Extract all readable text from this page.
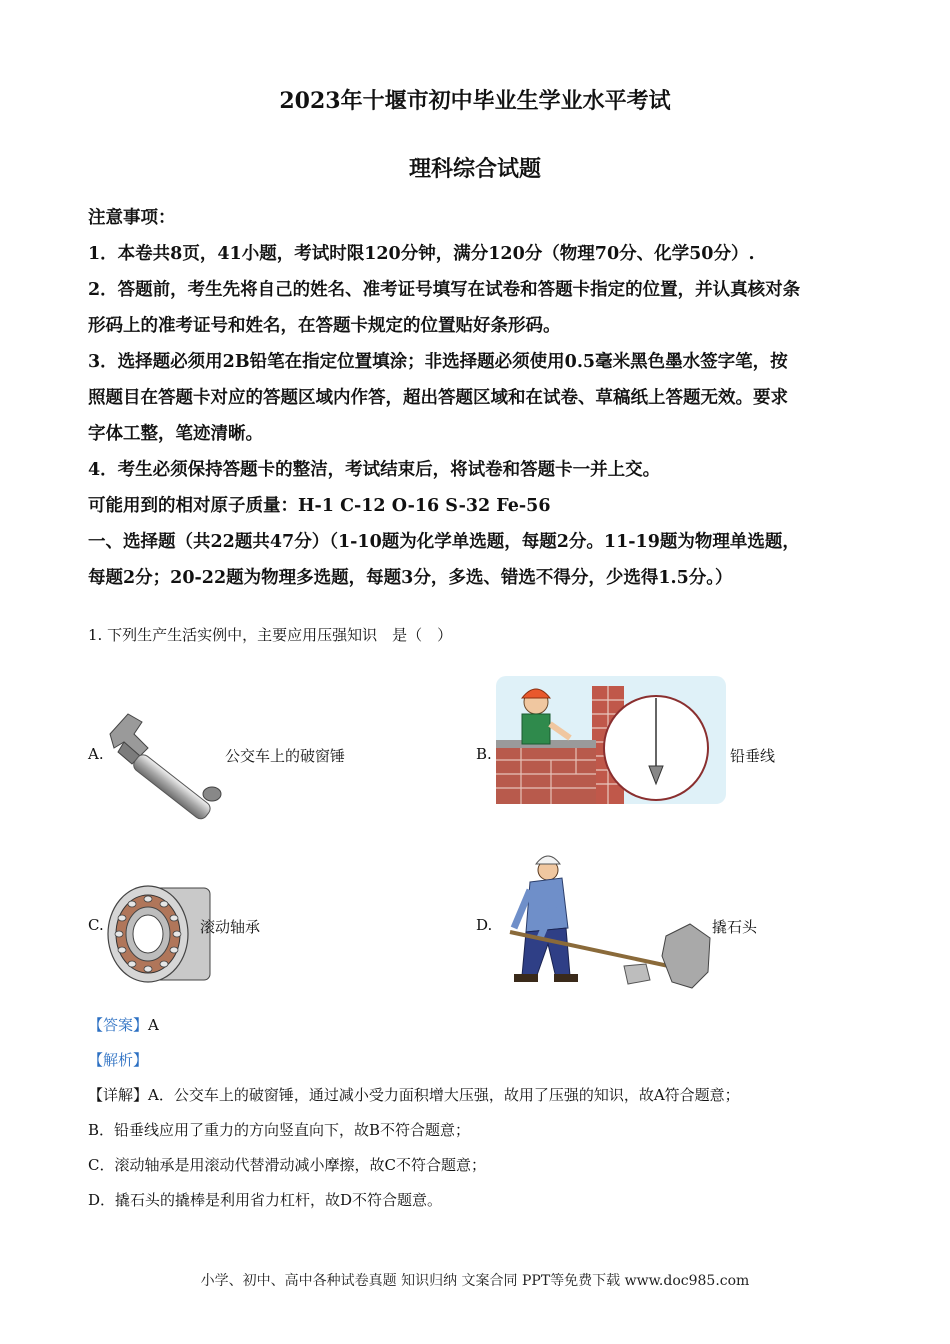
2023年十堰市初中毕业生学业水平考试
理科综合试题
注意事项：
1．本卷共8页，41小题，考试时限120分钟，满分120分（物理70分、化学50分）.
2．答题前，考生先将自己的姓名、准考证号填写在试卷和答题卡指定的位置，并认真核对条
形码上的准考证号和姓名，在答题卡规定的位置贴好条形码。
3．选择题必须用2B铅笔在指定位置填涂；非选择题必须使用0.5毫米黑色墨水签字笔，按
照题目在答题卡对应的答题区域内作答，超出答题区域和在试卷、草稿纸上答题无效。要求
字体工整，笔迹清晰。
4．考生必须保持答题卡的整洁，考试结束后，将试卷和答题卡一并上交。
可能用到的相对原子质量：H-1 C-12 O-16 S-32 Fe-56
一、选择题（共22题共47分）（1-10题为化学单选题，每题2分。11-19题为物理单选题，
每题2分；20-22题为物理多选题，每题3分，多选、错选不得分，少选得1.5分。）
1. 下列生产生活实例中，主要应用压强知识　是（　）
A.	公交车上的破窗锤	B.	铅垂线
C.	滚动轴承	D.	撬石头
【答案】A
【解析】
【详解】A．公交车上的破窗锤，通过减小受力面积增大压强，故用了压强的知识，故A符合题意；
B．铅垂线应用了重力的方向竖直向下，故B不符合题意；
C．滚动轴承是用滚动代替滑动减小摩擦，故C不符合题意；
D．撬石头的撬棒是利用省力杠杆，故D不符合题意。
小学、初中、高中各种试卷真题 知识归纳 文案合同 PPT等免费下载 www.doc985.com
